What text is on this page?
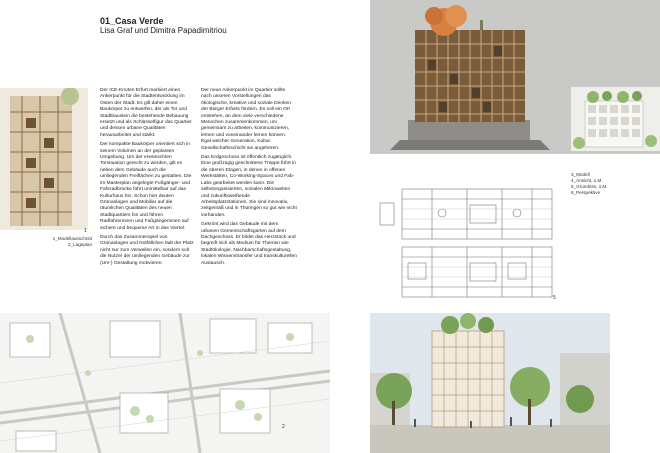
01_Casa Verde
Lisa Graf und Dimitra Papadimitriou
1
1_Modellausschnitt
2_Lageplan

Der ICE-Knoten Erfurt markiert einen Ankerpunkt für die Stadtentwicklung im Osten der Stadt. Es gilt daher einen Baukörper zu entwerfen, der als Tor und Stadtbaustein die bestehende Bebauung ersetzt und als Schlüsselfigur das Quartier und dessen urbane Qualitäten herausarbeitet und stärkt.

Der kompakte Baukörper orientiert sich in seinem Volumen an der geplanten Umgebung. Um der erwünschten Torsituation gerecht zu werden, gilt es neben dem Gebäude auch die umliegenden Freiflächen zu gestalten. Die im Masterplan angelegte Fußgänger- und Fahrradbrücke führt unmittelbar auf das Kulturhaus hin. Schon hier deuten Grünanlagen und Mobiliar auf die räumlichen Qualitäten des neuen Stadtquartiers hin und führen Radfahrerinnen und Fußgängerinnen auf sichere und bequeme Art in das Viertel.

Durch das Zusammenspiel von Grünanlagen und Notfällchen lädt der Platz nicht nur zum Verweilen ein, sondern soll die Nutzer der umliegenden Gebäude zur (Um-) Gestaltung motivieren.

Der neue Ankerpunkt im Quartier sollte nach unseren Vorstellungen das ökologische, kreative und soziale Denken der Bürger Erfurts fördern. Es soll ein Ort entstehen, an dem viele verschiedene Menschen zusammenkommen, um gemeinsam zu arbeiten, kommunizieren, lernen und voneinander lernen können. Egal welcher Generation, Kultur, Gesellschaftsschicht sie angehören.

Das Erdgeschoss ist öffentlich zugänglich. Eine großzügig geschnittene Treppe führt in die oberen Etagen, in denen in offenen Werkstätten, Co-Working-Spaces und Fab-Labs gearbeitet werden kann. Die selbstorganisierten, sozialen Mikrowelten und zukunftsweißende Arbeitsplatzstationen. Sie sind innovativ, zeitgemäß und in Thüringen so gut wie nicht vorhanden.

Gekrönt wird das Gebäude mit dem urbanen Gemeinschaftsgarten auf dem Dachgeschoss. Er bildet das Herzstück und begreift sich als Medium für Themen wie Stadtökologie, Nachbarschaftsgestaltung, lokalen Wissenstransfer und transkulturellen Austausch.

3_Modell
4_Ansicht, o.M.
5_Grundriss, o.M.
6_Perspektive
5
2
